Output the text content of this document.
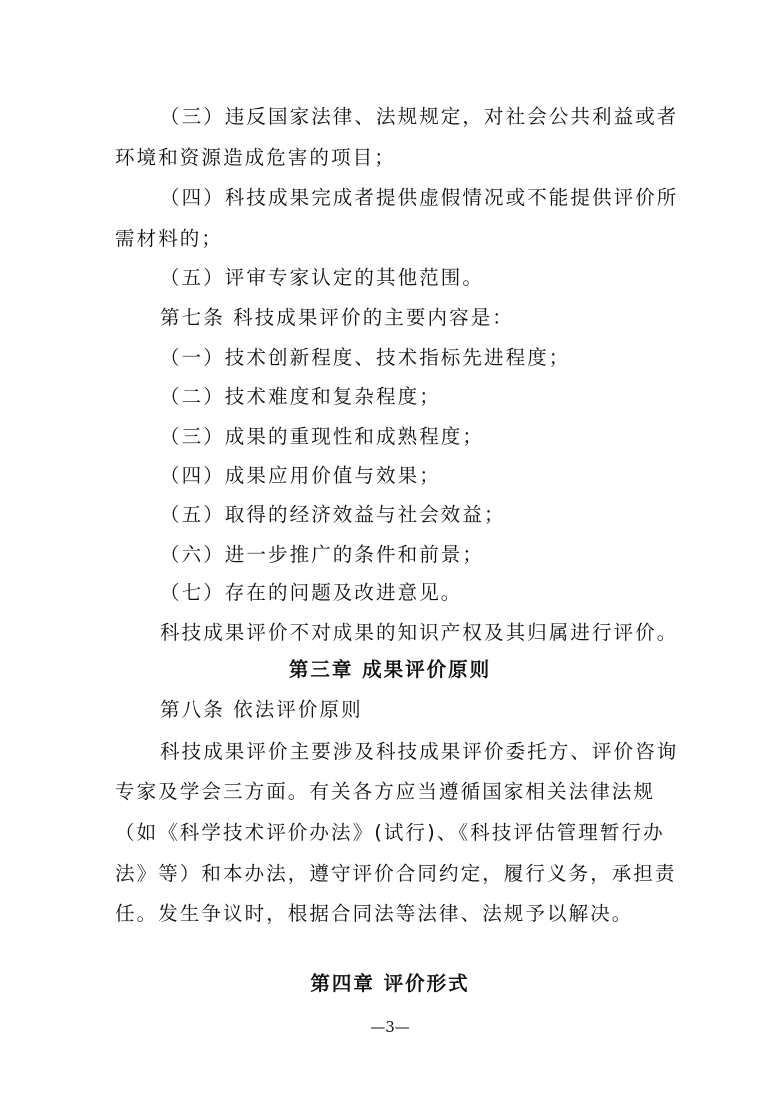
（三）违反国家法律、法规规定，对社会公共利益或者
环境和资源造成危害的项目；
（四）科技成果完成者提供虚假情况或不能提供评价所
需材料的；
（五）评审专家认定的其他范围。
第七条 科技成果评价的主要内容是：
（一）技术创新程度、技术指标先进程度；
（二）技术难度和复杂程度；
（三）成果的重现性和成熟程度；
（四）成果应用价值与效果；
（五）取得的经济效益与社会效益；
（六）进一步推广的条件和前景；
（七）存在的问题及改进意见。
科技成果评价不对成果的知识产权及其归属进行评价。
第三章 成果评价原则
第八条 依法评价原则
科技成果评价主要涉及科技成果评价委托方、评价咨询
专家及学会三方面。有关各方应当遵循国家相关法律法规
（如《科学技术评价办法》(试行)、《科技评估管理暂行办
法》等）和本办法，遵守评价合同约定，履行义务，承担责
任。发生争议时，根据合同法等法律、法规予以解决。
第四章 评价形式
—3—
